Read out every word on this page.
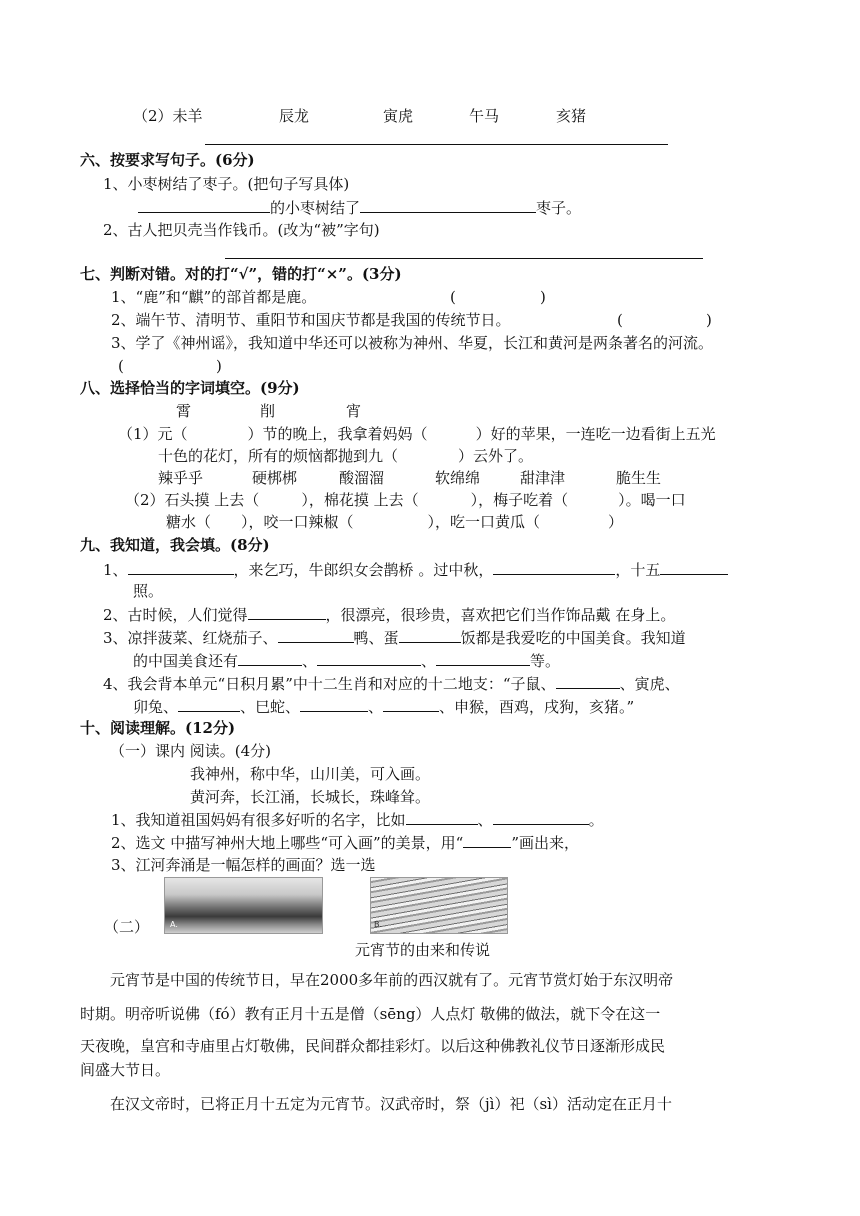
（2）未羊	辰龙	寅虎	午马	亥猪
六、按要求写句子。(6分)
1、小枣树结了枣子。(把句子写具体)
的小枣树结了	枣子。
2、古人把贝壳当作钱币。(改为“被”字句)
七、判断对错。对的打“√”，错的打“×”。(3分)
1、“鹿”和“麒”的部首都是鹿。	(	)
2、端午节、清明节、重阳节和国庆节都是我国的传统节日。	(	)
3、学了《神州谣》，我知道中华还可以被称为神州、华夏，长江和黄河是两条著名的河流。
(	)
八、选择恰当的字词填空。(9分)
霄	削	宵
（1）元（	）节的晚上，我拿着妈妈（	）好的苹果，一连吃一边看街上五光
十色的花灯，所有的烦恼都抛到九（	）云外了。
辣乎乎	硬梆梆	酸溜溜	软绵绵	甜津津	脆生生
（2）石头摸 上去（	），棉花摸 上去（	），梅子吃着（	）。喝一口
糖水（ ），咬一口辣椒（	），吃一口黄瓜（	）
九、我知道，我会填。(8分)
1、	，来乞巧，牛郎织女会鹊桥 。过中秋，	，十五
照。
2、古时候，人们觉得	，很漂亮，很珍贵，喜欢把它们当作饰品戴 在身上。
3、凉拌菠菜、红烧茄子、	鸭、蛋	饭都是我爱吃的中国美食。我知道
的中国美食还有	、	、	等。
4、我会背本单元“日积月累”中十二生肖和对应的十二地支：“子鼠、	、寅虎、
卯兔、	、巳蛇、	、	、申猴，酉鸡，戌狗，亥猪。”
十、阅读理解。(12分)
（一）课内 阅读。(4分)
我神州，称中华，山川美，可入画。
黄河奔，长江涌，长城长，珠峰耸。
1、我知道祖国妈妈有很多好听的名字，比如	、	。
2、选文 中描写神州大地上哪些“可入画”的美景，用“	”画出来，
3、江河奔涌是一幅怎样的画面？选一选
A.	B.
（二）
元宵节的由来和传说
元宵节是中国的传统节日，早在2000多年前的西汉就有了。元宵节赏灯始于东汉明帝
时期。明帝听说佛（fó）教有正月十五是僧（sēng）人点灯 敬佛的做法，就下令在这一
天夜晚，皇宫和寺庙里占灯敬佛，民间群众都挂彩灯。以后这种佛教礼仪节日逐渐形成民
间盛大节日。
在汉文帝时，已将正月十五定为元宵节。汉武帝时，祭（jì）祀（sì）活动定在正月十
